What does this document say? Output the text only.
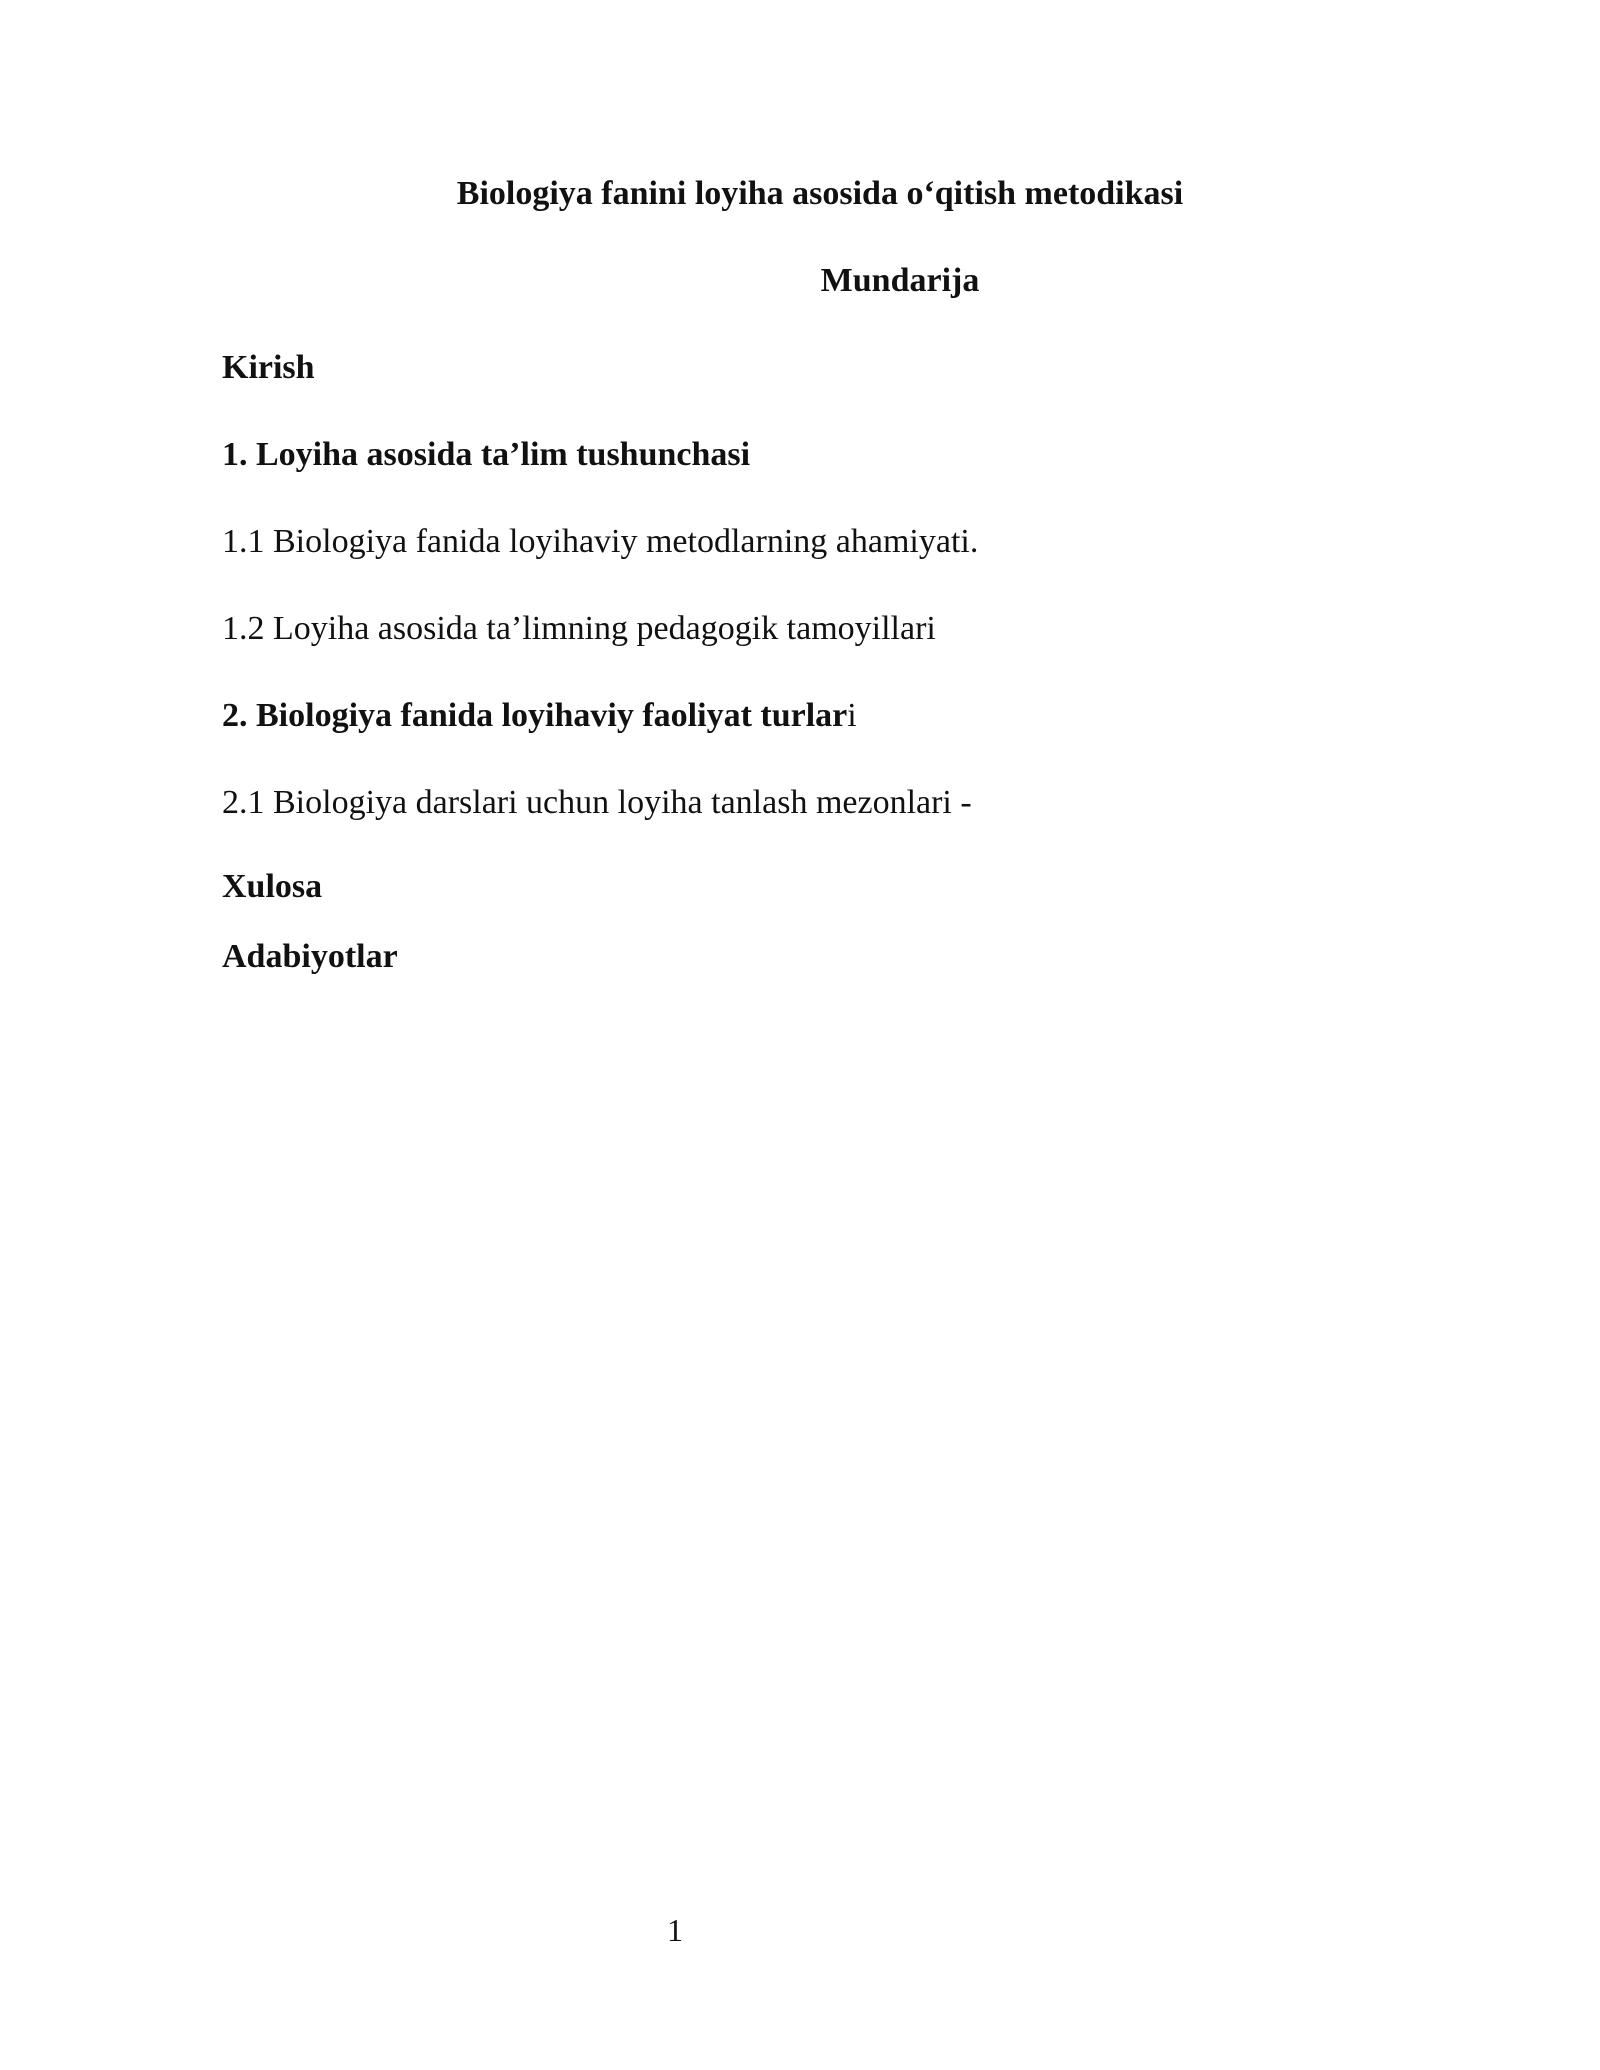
Biologiya fanini loyiha asosida o‘qitish metodikasi
Mundarija
Kirish
1. Loyiha asosida ta’lim tushunchasi
1.1 Biologiya fanida loyihaviy metodlarning ahamiyati.
1.2 Loyiha asosida ta’limning pedagogik tamoyillari
2. Biologiya fanida loyihaviy faoliyat turlari
2.1 Biologiya darslari uchun loyiha tanlash mezonlari -
Xulosa
Adabiyotlar
1
